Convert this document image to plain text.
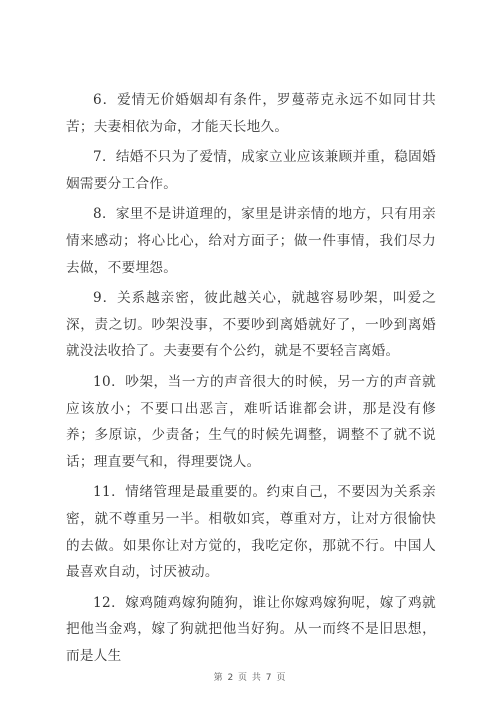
6．爱情无价婚姻却有条件，罗蔓蒂克永远不如同甘共苦；夫妻相依为命，才能天长地久。

7．结婚不只为了爱情，成家立业应该兼顾并重，稳固婚姻需要分工合作。

8．家里不是讲道理的，家里是讲亲情的地方，只有用亲情来感动；将心比心，给对方面子；做一件事情，我们尽力去做，不要埋怨。

9．关系越亲密，彼此越关心，就越容易吵架，叫爱之深，责之切。吵架没事，不要吵到离婚就好了，一吵到离婚就没法收拾了。夫妻要有个公约，就是不要轻言离婚。

10．吵架，当一方的声音很大的时候，另一方的声音就应该放小；不要口出恶言，难听话谁都会讲，那是没有修养；多原谅，少责备；生气的时候先调整，调整不了就不说话；理直要气和，得理要饶人。

11．情绪管理是最重要的。约束自己，不要因为关系亲密，就不尊重另一半。相敬如宾，尊重对方，让对方很愉快的去做。如果你让对方觉的，我吃定你，那就不行。中国人最喜欢自动，讨厌被动。

12．嫁鸡随鸡嫁狗随狗，谁让你嫁鸡嫁狗呢，嫁了鸡就把他当金鸡，嫁了狗就把他当好狗。从一而终不是旧思想，而是人生

第 2 页 共 7 页
